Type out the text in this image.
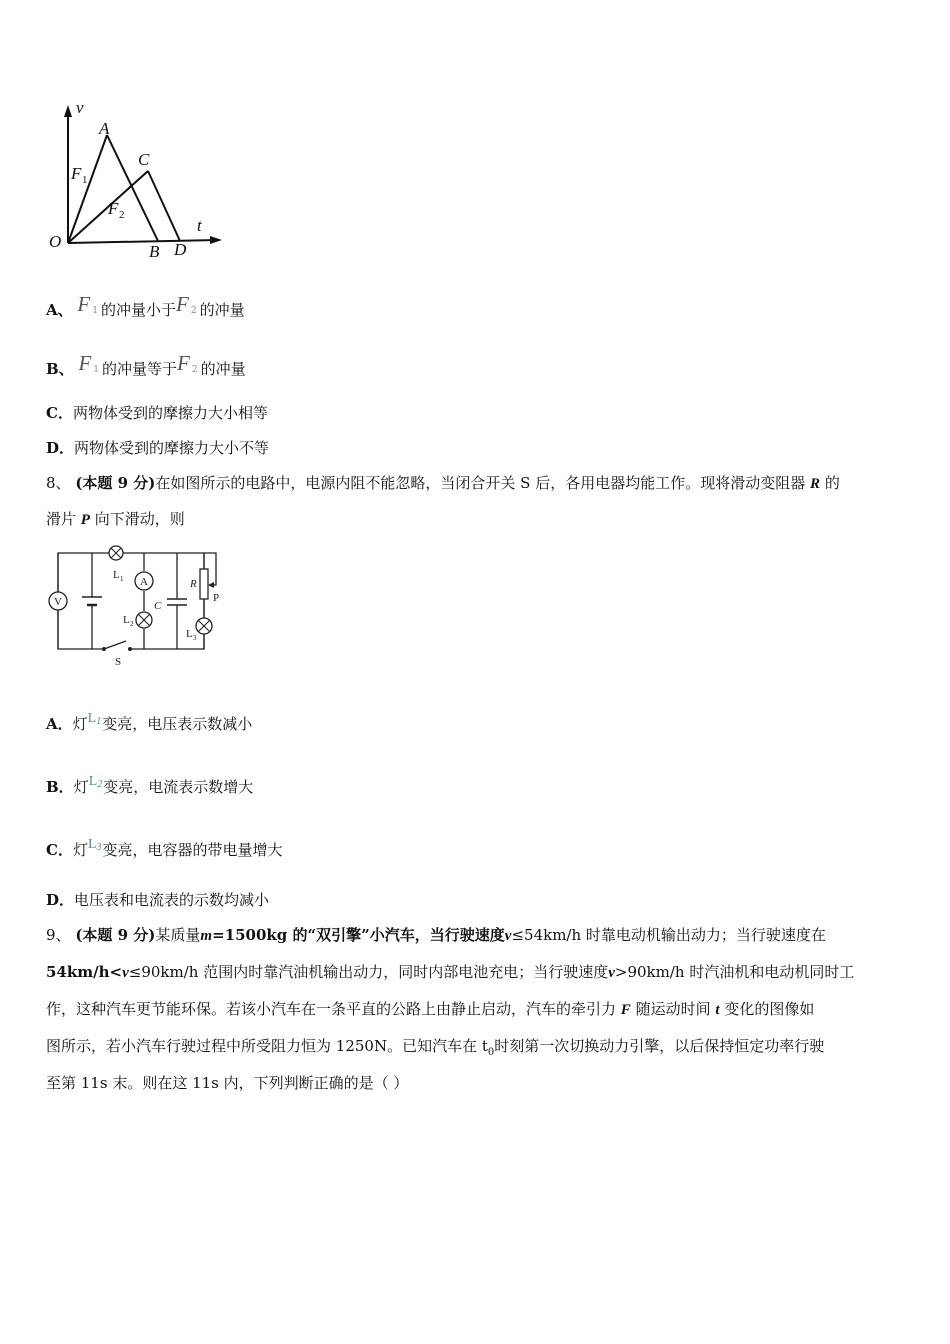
v
t
O
A
B
C
D
F 1
F 2
A、 F 1 的冲量小于F 2 的冲量
B、 F 1 的冲量等于F 2 的冲量
C．两物体受到的摩擦力大小相等
D．两物体受到的摩擦力大小不等
8、 (本题 9 分)在如图所示的电路中，电源内阻不能忽略，当闭合开关 S 后，各用电器均能工作。现将滑动变阻器 R 的
滑片 P 向下滑动，则
V
A
L 1
L 2
L 3
C
R
P
S
A．灯$L^1$变亮，电压表示数减小
B．灯$L^2$变亮，电流表示数增大
C．灯$L^3$变亮，电容器的带电量增大
D．电压表和电流表的示数均减小
9、 (本题 9 分)某质量m=1500kg 的“双引擎”小汽车，当行驶速度v≤54km/h 时靠电动机输出动力；当行驶速度在
54km/h<v≤90km/h 范围内时靠汽油机输出动力，同时内部电池充电；当行驶速度v>90km/h 时汽油机和电动机同时工
作，这种汽车更节能环保。若该小汽车在一条平直的公路上由静止启动，汽车的牵引力 F 随运动时间 t 变化的图像如
图所示，若小汽车行驶过程中所受阻力恒为 1250N。已知汽车在 $t_0$时刻第一次切换动力引擎，以后保持恒定功率行驶
至第 11s 末。则在这 11s 内，下列判断正确的是（ ）
